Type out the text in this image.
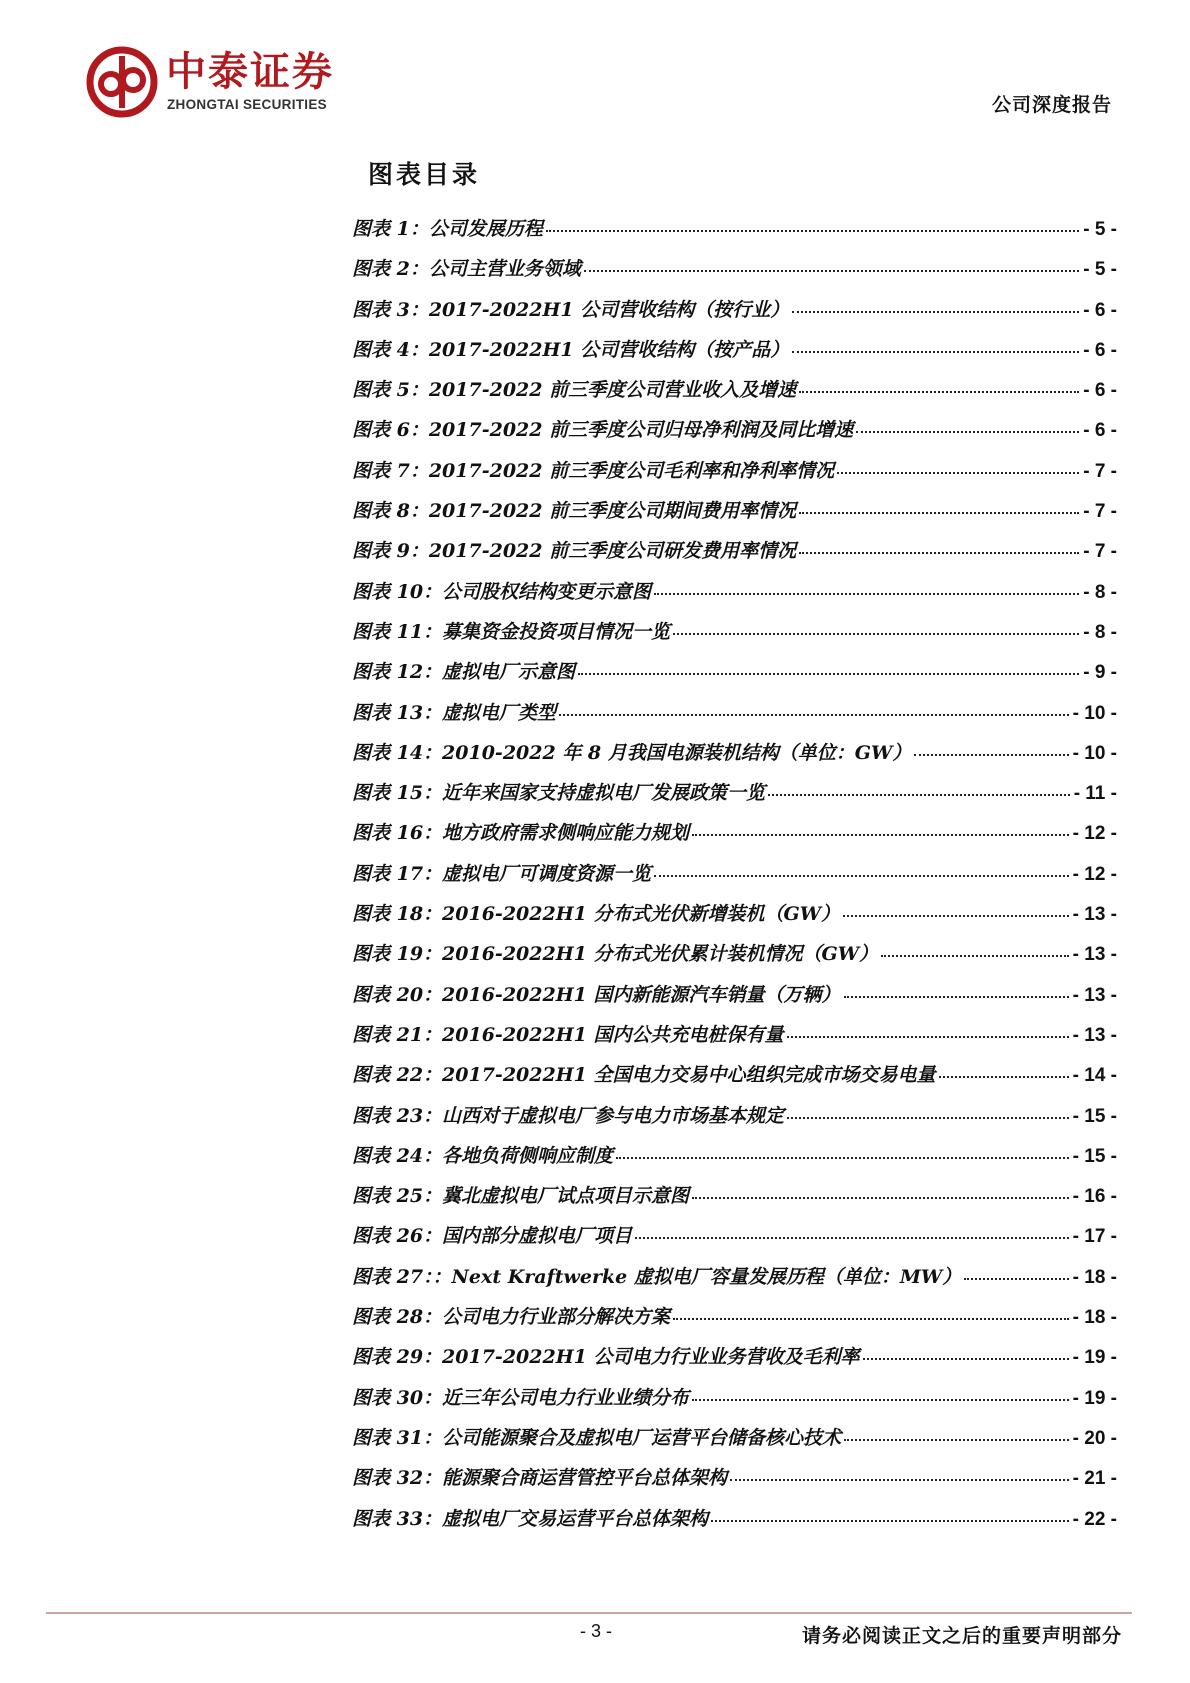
中泰证券
ZHONGTAI SECURITIES	公司深度报告
图表目录
图表 1：公司发展历程	- 5 -
图表 2：公司主营业务领域	- 5 -
图表 3：2017-2022H1 公司营收结构（按行业）	- 6 -
图表 4：2017-2022H1 公司营收结构（按产品）	- 6 -
图表 5：2017-2022 前三季度公司营业收入及增速	- 6 -
图表 6：2017-2022 前三季度公司归母净利润及同比增速	- 6 -
图表 7：2017-2022 前三季度公司毛利率和净利率情况	- 7 -
图表 8：2017-2022 前三季度公司期间费用率情况	- 7 -
图表 9：2017-2022 前三季度公司研发费用率情况	- 7 -
图表 10：公司股权结构变更示意图	- 8 -
图表 11：募集资金投资项目情况一览	- 8 -
图表 12：虚拟电厂示意图	- 9 -
图表 13：虚拟电厂类型	- 10 -
图表 14：2010-2022 年 8 月我国电源装机结构（单位：GW）	- 10 -
图表 15：近年来国家支持虚拟电厂发展政策一览	- 11 -
图表 16：地方政府需求侧响应能力规划	- 12 -
图表 17：虚拟电厂可调度资源一览	- 12 -
图表 18：2016-2022H1 分布式光伏新增装机（GW）	- 13 -
图表 19：2016-2022H1 分布式光伏累计装机情况（GW）	- 13 -
图表 20：2016-2022H1 国内新能源汽车销量（万辆）	- 13 -
图表 21：2016-2022H1 国内公共充电桩保有量	- 13 -
图表 22：2017-2022H1 全国电力交易中心组织完成市场交易电量	- 14 -
图表 23：山西对于虚拟电厂参与电力市场基本规定	- 15 -
图表 24：各地负荷侧响应制度	- 15 -
图表 25：冀北虚拟电厂试点项目示意图	- 16 -
图表 26：国内部分虚拟电厂项目	- 17 -
图表 27：：Next Kraftwerke 虚拟电厂容量发展历程（单位：MW）	- 18 -
图表 28：公司电力行业部分解决方案	- 18 -
图表 29：2017-2022H1 公司电力行业业务营收及毛利率	- 19 -
图表 30：近三年公司电力行业业绩分布	- 19 -
图表 31：公司能源聚合及虚拟电厂运营平台储备核心技术	- 20 -
图表 32：能源聚合商运营管控平台总体架构	- 21 -
图表 33：虚拟电厂交易运营平台总体架构	- 22 -
- 3 -	请务必阅读正文之后的重要声明部分
